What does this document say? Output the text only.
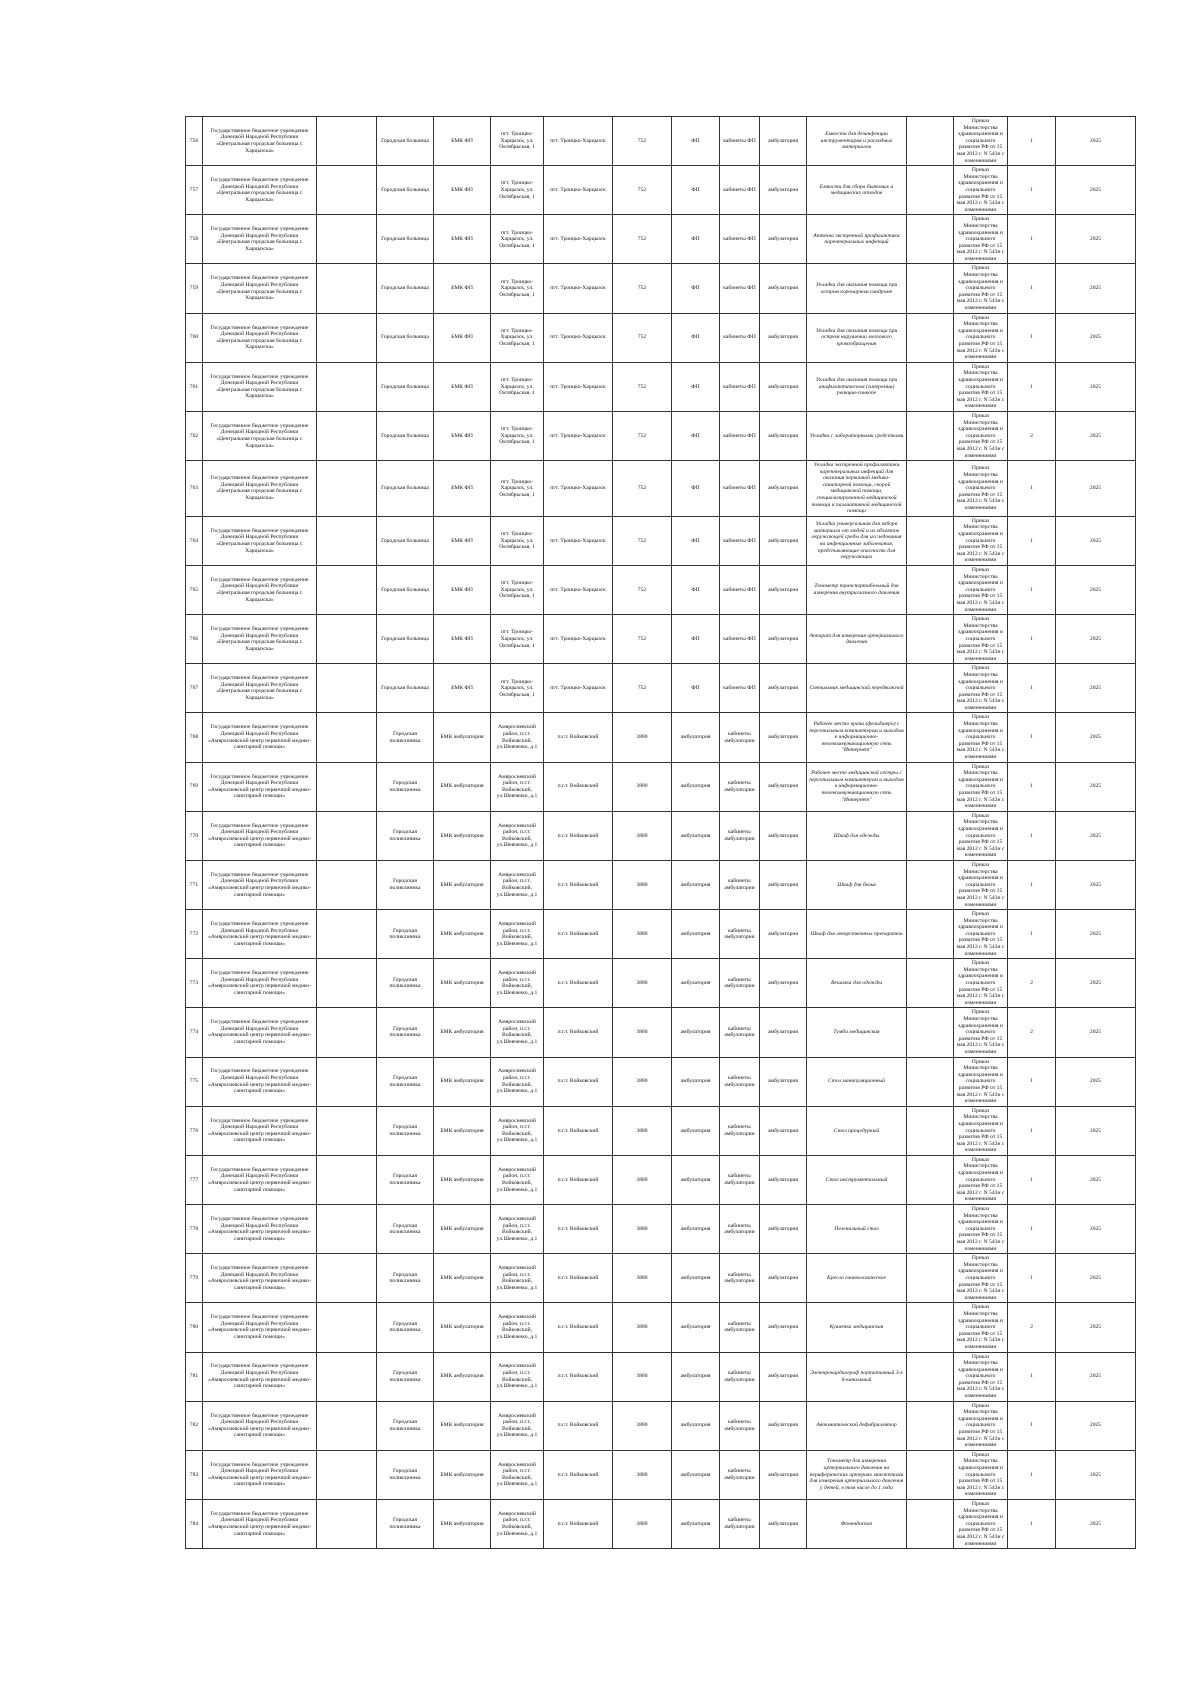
756	Государственное бюджетное учреждение Донецкой Народной Республики «Центральная городская больница г. Харцызска»		Городская больница	БМК ФП	пгт. Троицко-Харцызск, ул. Октябрьская, 1	пгт. Троицко-Харцызск	752	ФП	кабинеты ФП	амбулатория	Емкости для дезинфекции инструментария и расходных материалов		Приказ Министерства здравоохранения и социального развития РФ от 15 мая 2012 г. N 543н с изменениями	1	2025
757	Государственное бюджетное учреждение Донецкой Народной Республики «Центральная городская больница г. Харцызска»		Городская больница	БМК ФП	пгт. Троицко-Харцызск, ул. Октябрьская, 1	пгт. Троицко-Харцызск	752	ФП	кабинеты ФП	амбулатория	Емкости для сбора бытовых и медицинских отходов		Приказ Министерства здравоохранения и социального развития РФ от 15 мая 2012 г. N 543н с изменениями	1	2025
758	Государственное бюджетное учреждение Донецкой Народной Республики «Центральная городская больница г. Харцызска»		Городская больница	БМК ФП	пгт. Троицко-Харцызск, ул. Октябрьская, 1	пгт. Троицко-Харцызск	752	ФП	кабинеты ФП	амбулатория	Аптечка экстренной профилактики парентеральных инфекций		Приказ Министерства здравоохранения и социального развития РФ от 15 мая 2012 г. N 543н с изменениями	1	2025
759	Государственное бюджетное учреждение Донецкой Народной Республики «Центральная городская больница г. Харцызска»		Городская больница	БМК ФП	пгт. Троицко-Харцызск, ул. Октябрьская, 1	пгт. Троицко-Харцызск	752	ФП	кабинеты ФП	амбулатория	Укладка для оказания помощи при остром коронарном синдроме		Приказ Министерства здравоохранения и социального развития РФ от 15 мая 2012 г. N 543н с изменениями	1	2025
760	Государственное бюджетное учреждение Донецкой Народной Республики «Центральная городская больница г. Харцызска»		Городская больница	БМК ФП	пгт. Троицко-Харцызск, ул. Октябрьская, 1	пгт. Троицко-Харцызск	752	ФП	кабинеты ФП	амбулатория	Укладка для оказания помощи при остром нарушении мозгового кровообращения		Приказ Министерства здравоохранения и социального развития РФ от 15 мая 2012 г. N 543н с изменениями	1	2025
761	Государственное бюджетное учреждение Донецкой Народной Республики «Центральная городская больница г. Харцызска»		Городская больница	БМК ФП	пгт. Троицко-Харцызск, ул. Октябрьская, 1	пгт. Троицко-Харцызск	752	ФП	кабинеты ФП	амбулатория	Укладка для оказания помощи при анафилактическом (гиперемии) реакция-синкопе		Приказ Министерства здравоохранения и социального развития РФ от 15 мая 2012 г. N 543н с изменениями	1	2025
762	Государственное бюджетное учреждение Донецкой Народной Республики «Центральная городская больница г. Харцызска»		Городская больница	БМК ФП	пгт. Троицко-Харцызск, ул. Октябрьская, 1	пгт. Троицко-Харцызск	752	ФП	кабинеты ФП	амбулатория	Укладка с лабораторными средствами		Приказ Министерства здравоохранения и социального развития РФ от 15 мая 2012 г. N 543н с изменениями	2	2025
763	Государственное бюджетное учреждение Донецкой Народной Республики «Центральная городская больница г. Харцызска»		Городская больница	БМК ФП	пгт. Троицко-Харцызск, ул. Октябрьская, 1	пгт. Троицко-Харцызск	752	ФП	кабинеты ФП	амбулатория	Укладка экстренной профилактики парентеральных инфекций для оказания первичной медико-санитарной помощи, скорой медицинской помощи, специализированной медицинской помощи и паллиативной медицинской помощи		Приказ Министерства здравоохранения и социального развития РФ от 15 мая 2012 г. N 543н с изменениями	1	2025
764	Государственное бюджетное учреждение Донецкой Народной Республики «Центральная городская больница г. Харцызска»		Городская больница	БМК ФП	пгт. Троицко-Харцызск, ул. Октябрьская, 1	пгт. Троицко-Харцызск	752	ФП	кабинеты ФП	амбулатория	Укладка универсальная для забора материала от людей и из объектов окружающей среды для исследования на инфекционные заболевания, представляющие опасность для окружающих		Приказ Министерства здравоохранения и социального развития РФ от 15 мая 2012 г. N 543н с изменениями	1	2025
765	Государственное бюджетное учреждение Донецкой Народной Республики «Центральная городская больница г. Харцызска»		Городская больница	БМК ФП	пгт. Троицко-Харцызск, ул. Октябрьская, 1	пгт. Троицко-Харцызск	752	ФП	кабинеты ФП	амбулатория	Тонометр транспортабельный для измерения внутриглазного давления		Приказ Министерства здравоохранения и социального развития РФ от 15 мая 2012 г. N 543н с изменениями	1	2025
766	Государственное бюджетное учреждение Донецкой Народной Республики «Центральная городская больница г. Харцызска»		Городская больница	БМК ФП	пгт. Троицко-Харцызск, ул. Октябрьская, 1	пгт. Троицко-Харцызск	752	ФП	кабинеты ФП	амбулатория	Аппарат для измерения артериального давления		Приказ Министерства здравоохранения и социального развития РФ от 15 мая 2012 г. N 543н с изменениями	1	2025
767	Государственное бюджетное учреждение Донецкой Народной Республики «Центральная городская больница г. Харцызска»		Городская больница	БМК ФП	пгт. Троицко-Харцызск, ул. Октябрьская, 1	пгт. Троицко-Харцызск	752	ФП	кабинеты ФП	амбулатория	Светильник медицинский передвижной		Приказ Министерства здравоохранения и социального развития РФ от 15 мая 2012 г. N 543н с изменениями	1	2025
768	Государственное бюджетное учреждение Донецкой Народной Республики «Амвросиевский центр первичной медико-санитарной помощи»		Городская поликлиника	БМК амбулатория	Амвросиевский район, п.г.т. Войковский, ул.Шевченко, д.1	п.г.т. Войковский	3880	амбулатория	кабинеты амбулатории	амбулатория	Рабочее место врача (фельдшера) с персональным компьютером и выходом в информационно-телекоммуникационную сеть "Интернет"		Приказ Министерства здравоохранения и социального развития РФ от 15 мая 2012 г. N 543н с изменениями	1	2025
769	Государственное бюджетное учреждение Донецкой Народной Республики «Амвросиевский центр первичной медико-санитарной помощи»		Городская поликлиника	БМК амбулатория	Амвросиевский район, п.г.т. Войковский, ул.Шевченко, д.1	п.г.т. Войковский	3880	амбулатория	кабинеты амбулатории	амбулатория	Рабочее место медицинской сестры с персональным компьютером и выходом в информационно-телекоммуникационную сеть "Интернет"		Приказ Министерства здравоохранения и социального развития РФ от 15 мая 2012 г. N 543н с изменениями	1	2025
770	Государственное бюджетное учреждение Донецкой Народной Республики «Амвросиевский центр первичной медико-санитарной помощи»		Городская поликлиника	БМК амбулатория	Амвросиевский район, п.г.т. Войковский, ул.Шевченко, д.1	п.г.т. Войковский	3880	амбулатория	кабинеты амбулатории	амбулатория	Шкаф для одежды		Приказ Министерства здравоохранения и социального развития РФ от 15 мая 2012 г. N 543н с изменениями	1	2025
771	Государственное бюджетное учреждение Донецкой Народной Республики «Амвросиевский центр первичной медико-санитарной помощи»		Городская поликлиника	БМК амбулатория	Амвросиевский район, п.г.т. Войковский, ул.Шевченко, д.1	п.г.т. Войковский	3880	амбулатория	кабинеты амбулатории	амбулатория	Шкаф для белья		Приказ Министерства здравоохранения и социального развития РФ от 15 мая 2012 г. N 543н с изменениями	1	2025
772	Государственное бюджетное учреждение Донецкой Народной Республики «Амвросиевский центр первичной медико-санитарной помощи»		Городская поликлиника	БМК амбулатория	Амвросиевский район, п.г.т. Войковский, ул.Шевченко, д.1	п.г.т. Войковский	3880	амбулатория	кабинеты амбулатории	амбулатория	Шкаф для лекарственных препаратов		Приказ Министерства здравоохранения и социального развития РФ от 15 мая 2012 г. N 543н с изменениями	1	2025
773	Государственное бюджетное учреждение Донецкой Народной Республики «Амвросиевский центр первичной медико-санитарной помощи»		Городская поликлиника	БМК амбулатория	Амвросиевский район, п.г.т. Войковский, ул.Шевченко, д.1	п.г.т. Войковский	3880	амбулатория	кабинеты амбулатории	амбулатория	Вешалка для одежды		Приказ Министерства здравоохранения и социального развития РФ от 15 мая 2012 г. N 543н с изменениями	2	2025
774	Государственное бюджетное учреждение Донецкой Народной Республики «Амвросиевский центр первичной медико-санитарной помощи»		Городская поликлиника	БМК амбулатория	Амвросиевский район, п.г.т. Войковский, ул.Шевченко, д.1	п.г.т. Войковский	3880	амбулатория	кабинеты амбулатории	амбулатория	Тумба медицинская		Приказ Министерства здравоохранения и социального развития РФ от 15 мая 2012 г. N 543н с изменениями	2	2025
775	Государственное бюджетное учреждение Донецкой Народной Республики «Амвросиевский центр первичной медико-санитарной помощи»		Городская поликлиника	БМК амбулатория	Амвросиевский район, п.г.т. Войковский, ул.Шевченко, д.1	п.г.т. Войковский	3880	амбулатория	кабинеты амбулатории	амбулатория	Стол манипуляционный		Приказ Министерства здравоохранения и социального развития РФ от 15 мая 2012 г. N 543н с изменениями	1	2025
776	Государственное бюджетное учреждение Донецкой Народной Республики «Амвросиевский центр первичной медико-санитарной помощи»		Городская поликлиника	БМК амбулатория	Амвросиевский район, п.г.т. Войковский, ул.Шевченко, д.1	п.г.т. Войковский	3880	амбулатория	кабинеты амбулатории	амбулатория	Стол процедурный		Приказ Министерства здравоохранения и социального развития РФ от 15 мая 2012 г. N 543н с изменениями	1	2025
777	Государственное бюджетное учреждение Донецкой Народной Республики «Амвросиевский центр первичной медико-санитарной помощи»		Городская поликлиника	БМК амбулатория	Амвросиевский район, п.г.т. Войковский, ул.Шевченко, д.1	п.г.т. Войковский	3880	амбулатория	кабинеты амбулатории	амбулатория	Стол инструментальный		Приказ Министерства здравоохранения и социального развития РФ от 15 мая 2012 г. N 543н с изменениями	1	2025
778	Государственное бюджетное учреждение Донецкой Народной Республики «Амвросиевский центр первичной медико-санитарной помощи»		Городская поликлиника	БМК амбулатория	Амвросиевский район, п.г.т. Войковский, ул.Шевченко, д.1	п.г.т. Войковский	3880	амбулатория	кабинеты амбулатории	амбулатория	Пеленальный стол		Приказ Министерства здравоохранения и социального развития РФ от 15 мая 2012 г. N 543н с изменениями	1	2025
779	Государственное бюджетное учреждение Донецкой Народной Республики «Амвросиевский центр первичной медико-санитарной помощи»		Городская поликлиника	БМК амбулатория	Амвросиевский район, п.г.т. Войковский, ул.Шевченко, д.1	п.г.т. Войковский	3880	амбулатория	кабинеты амбулатории	амбулатория	Кресло гинекологическое		Приказ Министерства здравоохранения и социального развития РФ от 15 мая 2012 г. N 543н с изменениями	1	2025
780	Государственное бюджетное учреждение Донецкой Народной Республики «Амвросиевский центр первичной медико-санитарной помощи»		Городская поликлиника	БМК амбулатория	Амвросиевский район, п.г.т. Войковский, ул.Шевченко, д.1	п.г.т. Войковский	3880	амбулатория	кабинеты амбулатории	амбулатория	Кушетка медицинская		Приказ Министерства здравоохранения и социального развития РФ от 15 мая 2012 г. N 543н с изменениями	2	2025
781	Государственное бюджетное учреждение Донецкой Народной Республики «Амвросиевский центр первичной медико-санитарной помощи»		Городская поликлиника	БМК амбулатория	Амвросиевский район, п.г.т. Войковский, ул.Шевченко, д.1	п.г.т. Войковский	3880	амбулатория	кабинеты амбулатории	амбулатория	Электрокардиограф портативный 3-х 6-канальный		Приказ Министерства здравоохранения и социального развития РФ от 15 мая 2012 г. N 543н с изменениями	1	2025
782	Государственное бюджетное учреждение Донецкой Народной Республики «Амвросиевский центр первичной медико-санитарной помощи»		Городская поликлиника	БМК амбулатория	Амвросиевский район, п.г.т. Войковский, ул.Шевченко, д.1	п.г.т. Войковский	3880	амбулатория	кабинеты амбулатории	амбулатория	Автоматический дефибриллятор		Приказ Министерства здравоохранения и социального развития РФ от 15 мая 2012 г. N 543н с изменениями	1	2025
783	Государственное бюджетное учреждение Донецкой Народной Республики «Амвросиевский центр первичной медико-санитарной помощи»		Городская поликлиника	БМК амбулатория	Амвросиевский район, п.г.т. Войковский, ул.Шевченко, д.1	п.г.т. Войковский	3880	амбулатория	кабинеты амбулатории	амбулатория	Тонометр для измерения артериального давления на периферических артериях манжетами для измерения артериального давления у детей, в том числе до 1 года		Приказ Министерства здравоохранения и социального развития РФ от 15 мая 2012 г. N 543н с изменениями	1	2025
784	Государственное бюджетное учреждение Донецкой Народной Республики «Амвросиевский центр первичной медико-санитарной помощи»		Городская поликлиника	БМК амбулатория	Амвросиевский район, п.г.т. Войковский, ул.Шевченко, д.1	п.г.т. Войковский	3880	амбулатория	кабинеты амбулатории	амбулатория	Фонендоскоп		Приказ Министерства здравоохранения и социального развития РФ от 15 мая 2012 г. N 543н с изменениями	1	2025
